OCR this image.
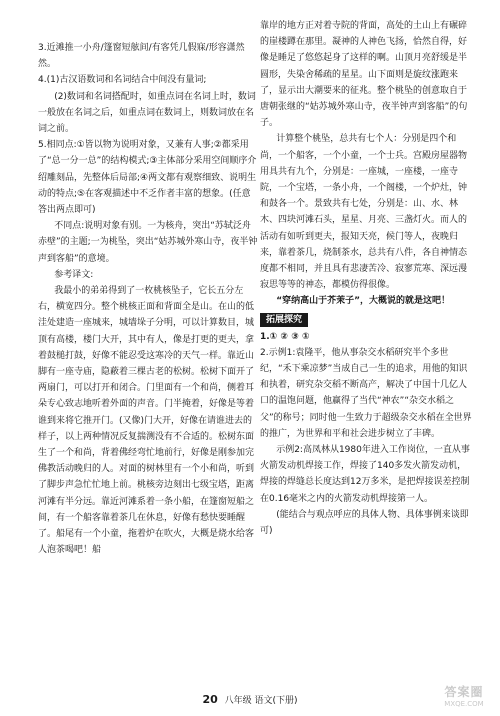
3.近滩推一小舟/篷窗短舷间/有客凭几假寐/形容潇然然。

4.(1)古汉语数词和名词结合中间没有量词;

(2)数词和名词搭配时，如重点词在名词上时，数词一般放在名词之后，如重点词在数词上，则数词放在名词之前。

5.相同点:①皆以物为说明对象，又兼有人事;②都采用了“总一分一总”的结构模式;③主体部分采用空间顺序介绍雕刻品，先整体后局部;④两文都有观察细致、说明生动的特点;⑤在客观描述中不乏作者丰富的想象。(任意答出两点即可)

不同点:说明对象有别。一为核舟，突出“苏轼泛舟赤壁”的主题;一为桃坠，突出“姑苏城外寒山寺，夜半钟声到客船”的意境。

参考译文:

我最小的弟弟得到了一枚桃核坠子，它长五分左右，横宽四分。整个桃核正面和背面全是山。在山的低洼处建造一座城来，城墙垛子分明，可以计算数目，城顶有高楼，楼门大开，其中有人，像是打更的更夫，拿着鼓槌打鼓，好像不能忍受这寒冷的天气一样。靠近山脚有一座寺庙，隐蔽着三棵古老的松树。松树下面开了两扇门，可以打开和闭合。门里面有一个和尚，侧着耳朵专心致志地听着外面的声音。门半掩着，好像是等着谁到来将它推开门。(又像)门大开，好像在请谁进去的样子，以上两种情况反复揣测没有不合适的。松树东面生了一个和尚，背着佛经弯忙地前行，好像是刚参加完佛教活动晚归的人。对面的树林里有一个小和尚，听到了脚步声急忙忙地上前。桃核旁边刻出七级宝塔，距离河滩有半分远。靠近河滩系着一条小船，在篷窗短船之间，有一个船客靠着茶几在休息，好像有愁快要睡醒了。船尾有一个小童，拖着炉在吹火，大概是烧水给客人泡茶喝吧！船

靠岸的地方正对着寺院的背面，高处的土山上有碾碎的崖楼蹲在那里。凝神的人神色飞扬，恰然自得，好像是睡足了悠悠起身了这样的啊。山顶月亮舒缓是半圆形，失染舍稀疏的星星。山下面则是旋纹涨跑来了，显示出大潮要来的征兆。整个桃坠的创意取自于唐朝张继的“姑苏城外寒山寺，夜半钟声到客船”的句子。

计算整个桃坠，总共有七个人：分别是四个和尚，一个船客，一个小童，一个士兵。宫殿房屋器物用具共有九个，分别是：一座城，一座楼，一座寺院，一个宝塔，一条小舟，一个阁楼，一个炉灶，钟和鼓各一个。景致共有七处，分别是：山、水、林木、四块河滩石头，星星、月亮、三盏灯火。而人的活动有如听到更夫，报知天亮，候门等人，夜晚归来，靠着茶几，烧制茶水，总共有八件，各自神情态度都不相同，并且具有悲凄苦冷、寂寥荒寒、深远漫寂思等等的神态，都模仿得很像。

“穿纳高山于芥茉子”，大概说的就是这吧！

拓展探究

1.① ② ③ ①

2.示例1:袁隆平，他从事杂交水稻研究半个多世纪，“禾下乘凉梦”当成自己一生的追求，用他的知识和执着，研究杂交稻不断高产，解决了中国十几亿人口的温饱问题，他赢得了当代“神农”“杂交水稻之父”的称号；同时他一生致力于超级杂交水稻在全世界的推广，为世界和平和社会进步树立了丰碑。

示例2:高凤林从1980年进入工作岗位，一直从事火箭发动机焊接工作，焊接了140多发火箭发动机，焊接的焊缝总长度达到12万多米，是把焊接误差控制在0.16毫米之内的火箭发动机焊接第一人。

(能结合与观点呼应的具体人物、具体事例来谈即可)

20 八年级 语文(下册)
答案圈
MXQE.COM
